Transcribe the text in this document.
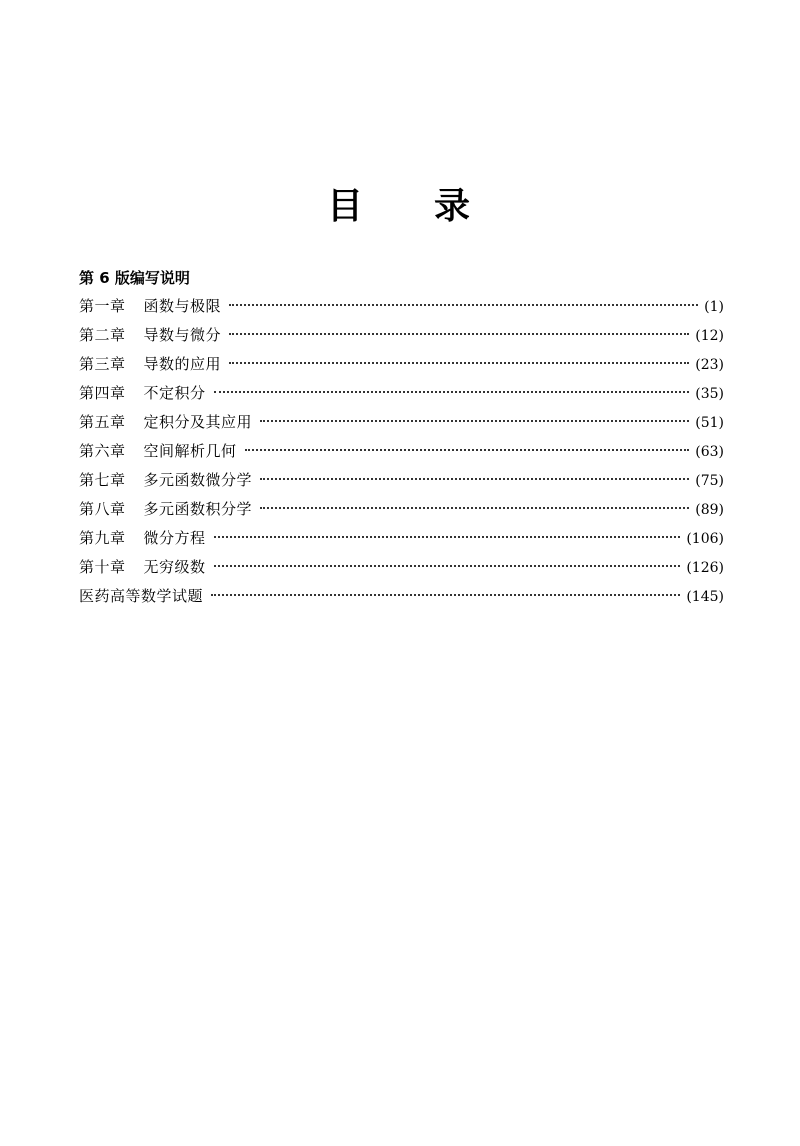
目 录
第 6 版编写说明
第一章 函数与极限	(1)
第二章 导数与微分	(12)
第三章 导数的应用	(23)
第四章 不定积分	(35)
第五章 定积分及其应用	(51)
第六章 空间解析几何	(63)
第七章 多元函数微分学	(75)
第八章 多元函数积分学	(89)
第九章 微分方程	(106)
第十章 无穷级数	(126)
医药高等数学试题	(145)
